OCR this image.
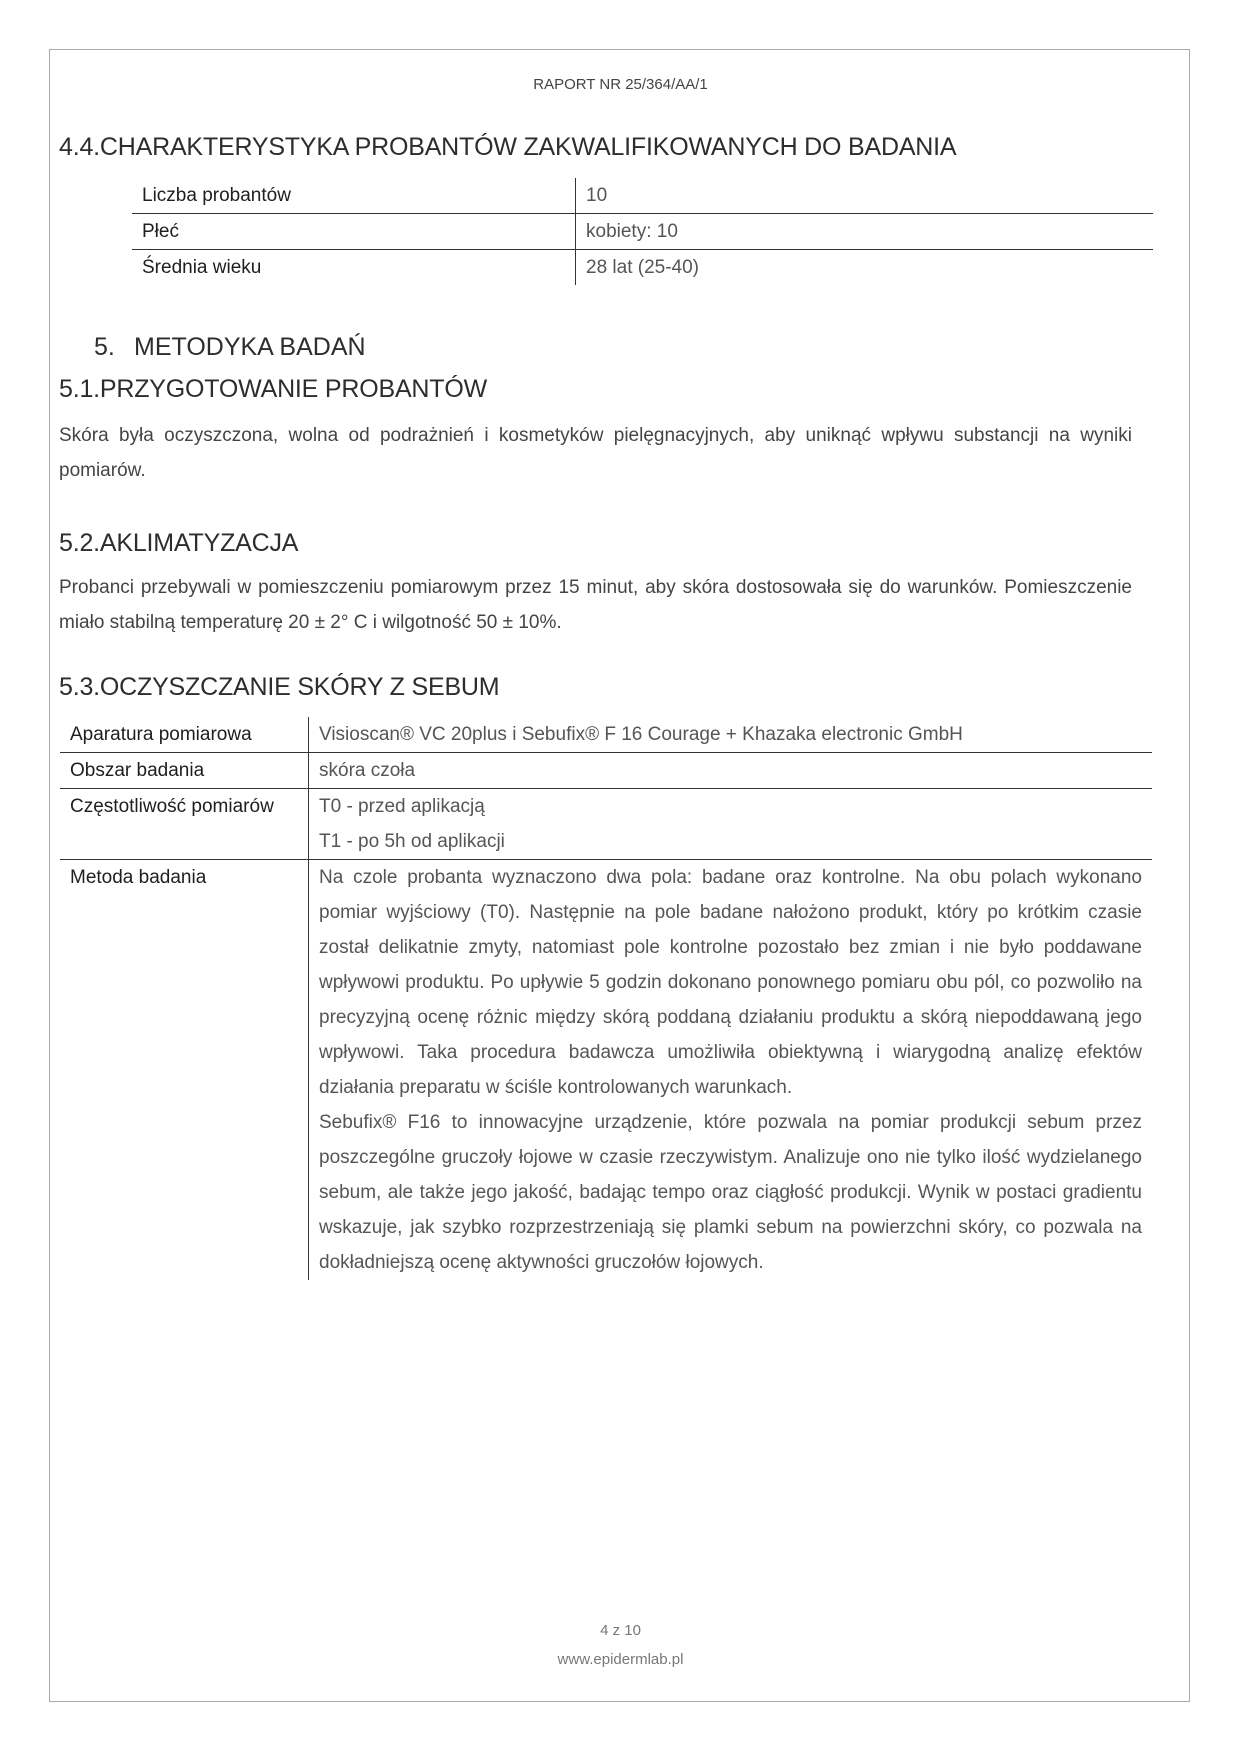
RAPORT NR 25/364/AA/1
4.4.CHARAKTERYSTYKA PROBANTÓW ZAKWALIFIKOWANYCH DO BADANIA
Liczba probantów	10
Płeć	kobiety: 10
Średnia wieku	28 lat (25-40)
5. METODYKA BADAŃ
5.1.PRZYGOTOWANIE PROBANTÓW
Skóra była oczyszczona, wolna od podrażnień i kosmetyków pielęgnacyjnych, aby uniknąć wpływu substancji na wyniki pomiarów.
5.2.AKLIMATYZACJA
Probanci przebywali w pomieszczeniu pomiarowym przez 15 minut, aby skóra dostosowała się do warunków. Pomieszczenie miało stabilną temperaturę 20 ± 2° C i wilgotność 50 ± 10%.
5.3.OCZYSZCZANIE SKÓRY Z SEBUM
Aparatura pomiarowa	Visioscan® VC 20plus i Sebufix® F 16 Courage + Khazaka electronic GmbH
Obszar badania	skóra czoła
Częstotliwość pomiarów	T0 - przed aplikacją
T1 - po 5h od aplikacji

Metoda badania	Na czole probanta wyznaczono dwa pola: badane oraz kontrolne. Na obu polach wykonano pomiar wyjściowy (T0). Następnie na pole badane nałożono produkt, który po krótkim czasie został delikatnie zmyty, natomiast pole kontrolne pozostało bez zmian i nie było poddawane wpływowi produktu. Po upływie 5 godzin dokonano ponownego pomiaru obu pól, co pozwoliło na precyzyjną ocenę różnic między skórą poddaną działaniu produktu a skórą niepoddawaną jego wpływowi. Taka procedura badawcza umożliwiła obiektywną i wiarygodną analizę efektów działania preparatu w ściśle kontrolowanych warunkach.
Sebufix® F16 to innowacyjne urządzenie, które pozwala na pomiar produkcji sebum przez poszczególne gruczoły łojowe w czasie rzeczywistym. Analizuje ono nie tylko ilość wydzielanego sebum, ale także jego jakość, badając tempo oraz ciągłość produkcji. Wynik w postaci gradientu wskazuje, jak szybko rozprzestrzeniają się plamki sebum na powierzchni skóry, co pozwala na dokładniejszą ocenę aktywności gruczołów łojowych.
4 z 10
www.epidermlab.pl
